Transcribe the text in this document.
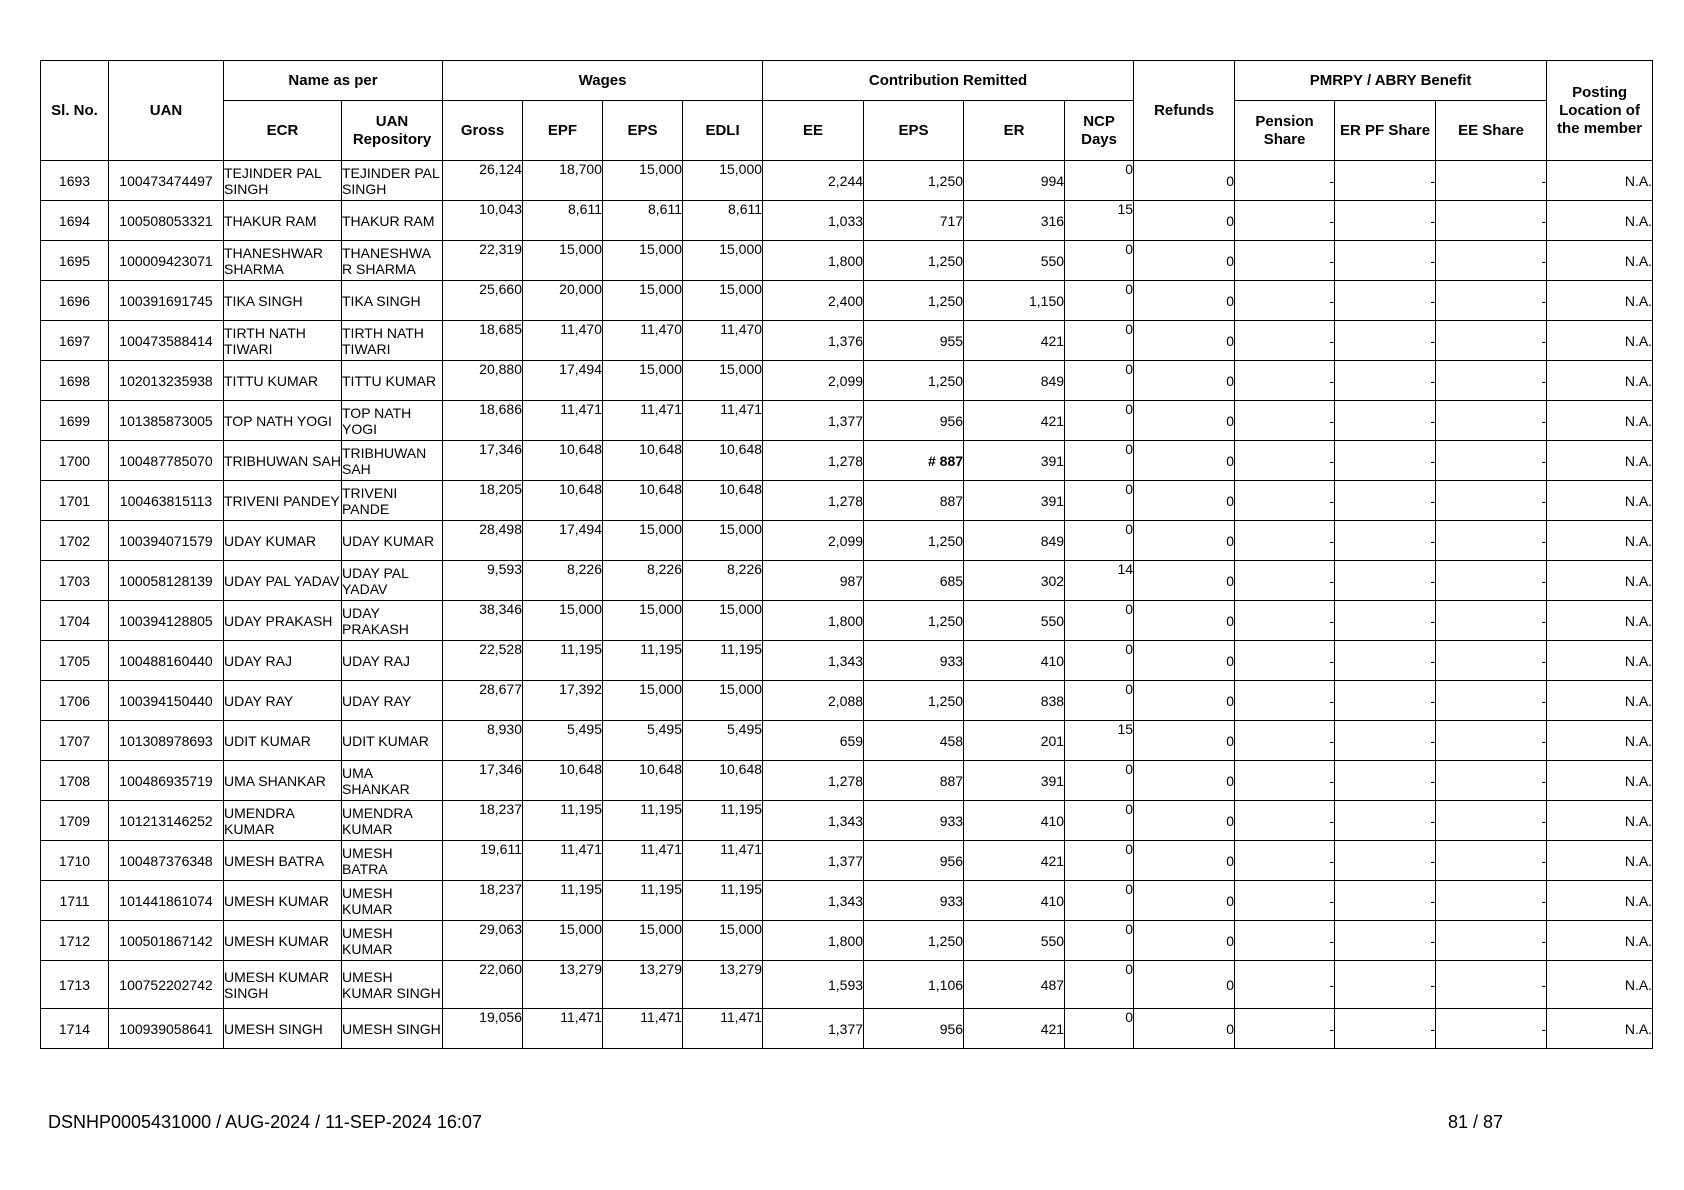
Sl. No.	UAN	Name as per		Wages				Contribution Remitted				Refunds	PMRPY / ABRY Benefit			Posting Location of the member
		ECR	UAN Repository	Gross	EPF	EPS	EDLI	EE	EPS	ER	NCP Days		Pension Share	ER PF Share	EE Share	
1693	100473474497	TEJINDER PAL SINGH	TEJINDER PAL SINGH	26,124	18,700	15,000	15,000	2,244	1,250	994	0	0	-	-	-	N.A.
1694	100508053321	THAKUR RAM	THAKUR RAM	10,043	8,611	8,611	8,611	1,033	717	316	15	0	-	-	-	N.A.
1695	100009423071	THANESHWAR SHARMA	THANESHWA R SHARMA	22,319	15,000	15,000	15,000	1,800	1,250	550	0	0	-	-	-	N.A.
1696	100391691745	TIKA SINGH	TIKA SINGH	25,660	20,000	15,000	15,000	2,400	1,250	1,150	0	0	-	-	-	N.A.
1697	100473588414	TIRTH NATH TIWARI	TIRTH NATH TIWARI	18,685	11,470	11,470	11,470	1,376	955	421	0	0	-	-	-	N.A.
1698	102013235938	TITTU KUMAR	TITTU KUMAR	20,880	17,494	15,000	15,000	2,099	1,250	849	0	0	-	-	-	N.A.
1699	101385873005	TOP NATH YOGI	TOP NATH YOGI	18,686	11,471	11,471	11,471	1,377	956	421	0	0	-	-	-	N.A.
1700	100487785070	TRIBHUWAN SAH	TRIBHUWAN SAH	17,346	10,648	10,648	10,648	1,278	# 887	391	0	0	-	-	-	N.A.
1701	100463815113	TRIVENI PANDEY	TRIVENI PANDE	18,205	10,648	10,648	10,648	1,278	887	391	0	0	-	-	-	N.A.
1702	100394071579	UDAY KUMAR	UDAY KUMAR	28,498	17,494	15,000	15,000	2,099	1,250	849	0	0	-	-	-	N.A.
1703	100058128139	UDAY PAL YADAV	UDAY PAL YADAV	9,593	8,226	8,226	8,226	987	685	302	14	0	-	-	-	N.A.
1704	100394128805	UDAY PRAKASH	UDAY PRAKASH	38,346	15,000	15,000	15,000	1,800	1,250	550	0	0	-	-	-	N.A.
1705	100488160440	UDAY RAJ	UDAY RAJ	22,528	11,195	11,195	11,195	1,343	933	410	0	0	-	-	-	N.A.
1706	100394150440	UDAY RAY	UDAY RAY	28,677	17,392	15,000	15,000	2,088	1,250	838	0	0	-	-	-	N.A.
1707	101308978693	UDIT KUMAR	UDIT KUMAR	8,930	5,495	5,495	5,495	659	458	201	15	0	-	-	-	N.A.
1708	100486935719	UMA SHANKAR	UMA SHANKAR	17,346	10,648	10,648	10,648	1,278	887	391	0	0	-	-	-	N.A.
1709	101213146252	UMENDRA KUMAR	UMENDRA KUMAR	18,237	11,195	11,195	11,195	1,343	933	410	0	0	-	-	-	N.A.
1710	100487376348	UMESH BATRA	UMESH BATRA	19,611	11,471	11,471	11,471	1,377	956	421	0	0	-	-	-	N.A.
1711	101441861074	UMESH KUMAR	UMESH KUMAR	18,237	11,195	11,195	11,195	1,343	933	410	0	0	-	-	-	N.A.
1712	100501867142	UMESH KUMAR	UMESH KUMAR	29,063	15,000	15,000	15,000	1,800	1,250	550	0	0	-	-	-	N.A.
1713	100752202742	UMESH KUMAR SINGH	UMESH KUMAR SINGH	22,060	13,279	13,279	13,279	1,593	1,106	487	0	0	-	-	-	N.A.
1714	100939058641	UMESH SINGH	UMESH SINGH	19,056	11,471	11,471	11,471	1,377	956	421	0	0	-	-	-	N.A.
DSNHP0005431000 / AUG-2024 / 11-SEP-2024 16:07	81 / 87
